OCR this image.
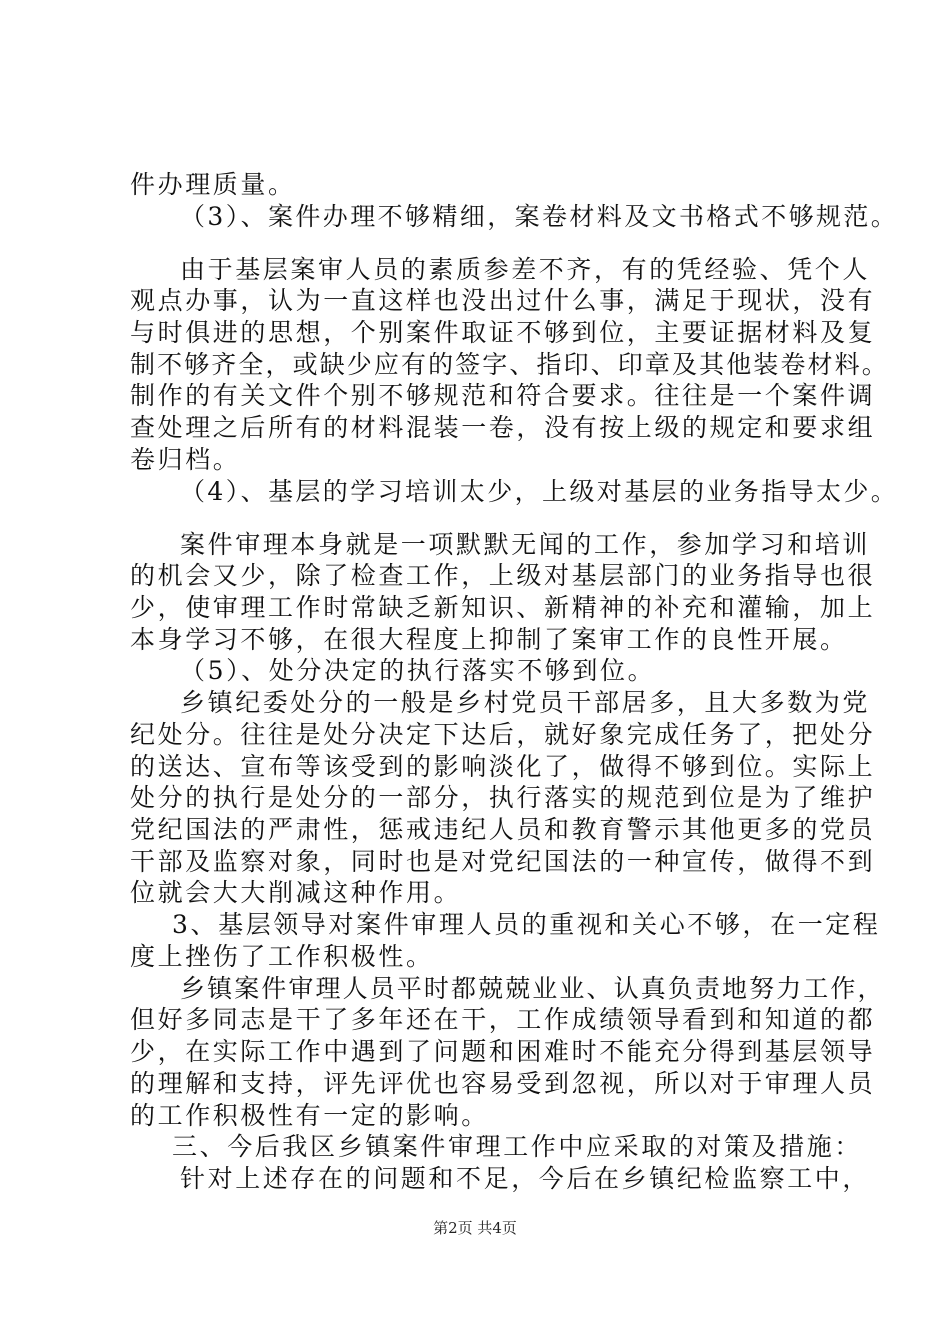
件办理质量。
（3）、案件办理不够精细，案卷材料及文书格式不够规范。
由于基层案审人员的素质参差不齐，有的凭经验、凭个人
观点办事，认为一直这样也没出过什么事，满足于现状，没有
与时俱进的思想，个别案件取证不够到位，主要证据材料及复
制不够齐全，或缺少应有的签字、指印、印章及其他装卷材料。
制作的有关文件个别不够规范和符合要求。往往是一个案件调
查处理之后所有的材料混装一卷，没有按上级的规定和要求组
卷归档。
（4）、基层的学习培训太少，上级对基层的业务指导太少。
案件审理本身就是一项默默无闻的工作，参加学习和培训
的机会又少，除了检查工作，上级对基层部门的业务指导也很
少，使审理工作时常缺乏新知识、新精神的补充和灌输，加上
本身学习不够，在很大程度上抑制了案审工作的良性开展。
（5）、处分决定的执行落实不够到位。
乡镇纪委处分的一般是乡村党员干部居多，且大多数为党
纪处分。往往是处分决定下达后，就好象完成任务了，把处分
的送达、宣布等该受到的影响淡化了，做得不够到位。实际上
处分的执行是处分的一部分，执行落实的规范到位是为了维护
党纪国法的严肃性，惩戒违纪人员和教育警示其他更多的党员
干部及监察对象，同时也是对党纪国法的一种宣传，做得不到
位就会大大削减这种作用。
3、基层领导对案件审理人员的重视和关心不够，在一定程
度上挫伤了工作积极性。
乡镇案件审理人员平时都兢兢业业、认真负责地努力工作，
但好多同志是干了多年还在干，工作成绩领导看到和知道的都
少，在实际工作中遇到了问题和困难时不能充分得到基层领导
的理解和支持，评先评优也容易受到忽视，所以对于审理人员
的工作积极性有一定的影响。
三、今后我区乡镇案件审理工作中应采取的对策及措施：
针对上述存在的问题和不足，今后在乡镇纪检监察工中，
第2页 共4页
